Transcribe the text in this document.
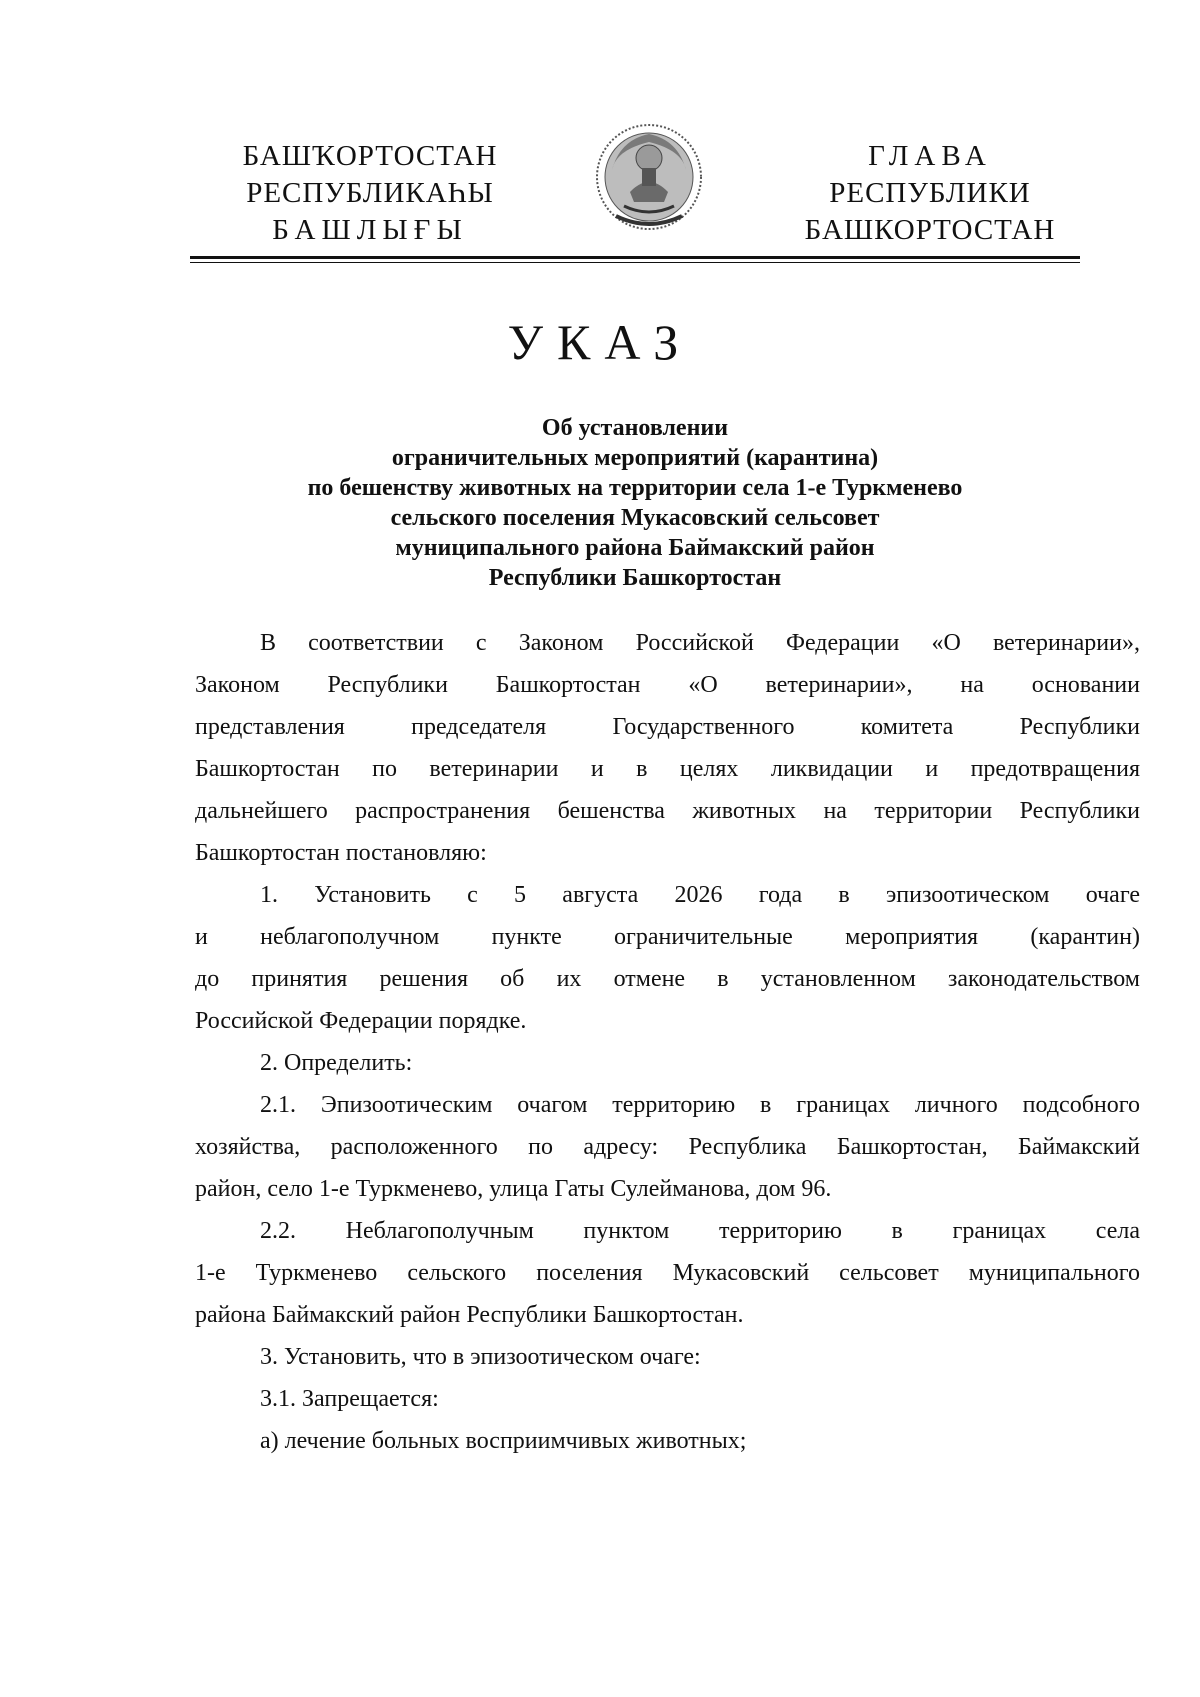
БАШҠОРТОСТАН
РЕСПУБЛИКАҺЫ
БАШЛЫҒЫ
ГЛАВА
РЕСПУБЛИКИ
БАШКОРТОСТАН
УКАЗ
Об установлении
ограничительных мероприятий (карантина)
по бешенству животных на территории села 1-е Туркменево
сельского поселения Мукасовский сельсовет
муниципального района Баймакский район
Республики Башкортостан
В соответствии с Законом Российской Федерации «О ветеринарии»,
Законом Республики Башкортостан «О ветеринарии», на основании
представления председателя Государственного комитета Республики
Башкортостан по ветеринарии и в целях ликвидации и предотвращения
дальнейшего распространения бешенства животных на территории Республики
Башкортостан постановляю:
1. Установить с 5 августа 2026 года в эпизоотическом очаге
и неблагополучном пункте ограничительные мероприятия (карантин)
до принятия решения об их отмене в установленном законодательством
Российской Федерации порядке.
2. Определить:
2.1. Эпизоотическим очагом территорию в границах личного подсобного
хозяйства, расположенного по адресу: Республика Башкортостан, Баймакский
район, село 1-е Туркменево, улица Гаты Сулейманова, дом 96.
2.2. Неблагополучным пунктом территорию в границах села
1-е Туркменево сельского поселения Мукасовский сельсовет муниципального
района Баймакский район Республики Башкортостан.
3. Установить, что в эпизоотическом очаге:
3.1. Запрещается:
а) лечение больных восприимчивых животных;
